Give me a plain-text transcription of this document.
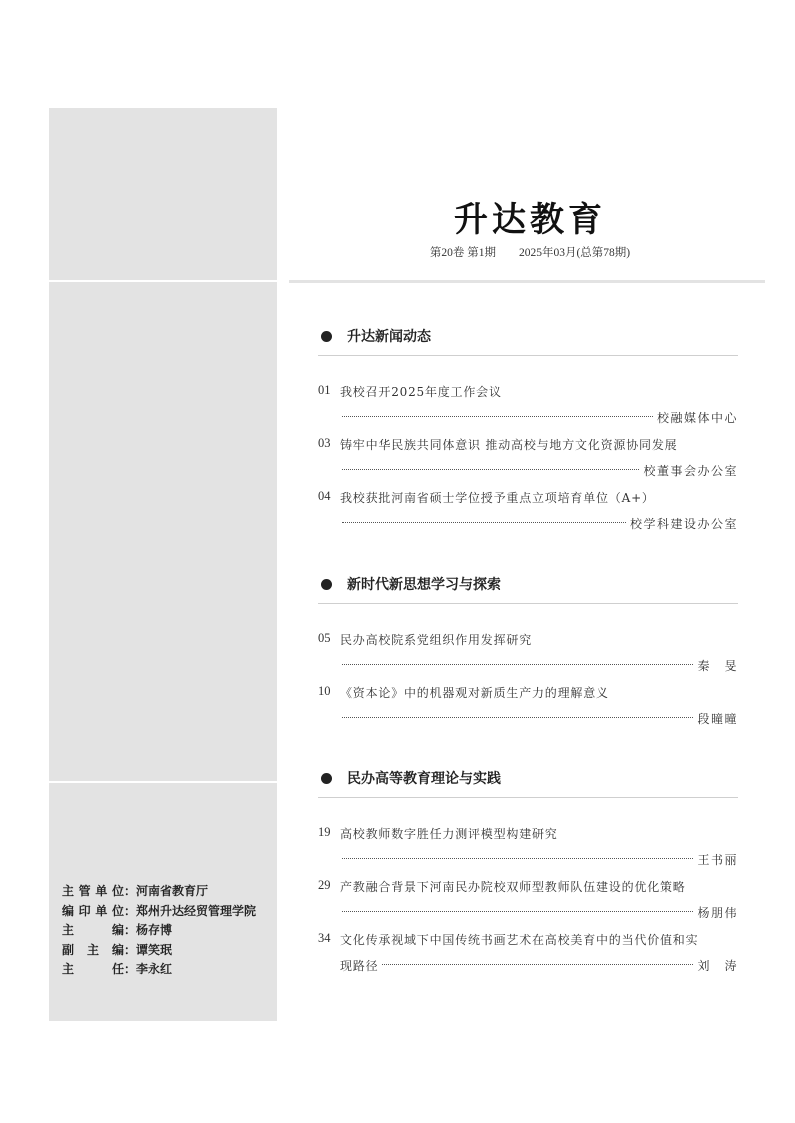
升达教育
第20卷 第1期　　2025年03月(总第78期)
升达新闻动态
01 我校召开2025年度工作会议
校融媒体中心
03 铸牢中华民族共同体意识 推动高校与地方文化资源协同发展
校董事会办公室
04 我校获批河南省硕士学位授予重点立项培育单位（A+）
校学科建设办公室
新时代新思想学习与探索
05 民办高校院系党组织作用发挥研究
秦　旻
10 《资本论》中的机器观对新质生产力的理解意义
段曈曈
民办高等教育理论与实践
19 高校教师数字胜任力测评模型构建研究
王书丽
29 产教融合背景下河南民办院校双师型教师队伍建设的优化策略
杨朋伟
34 文化传承视域下中国传统书画艺术在高校美育中的当代价值和实
现路径	刘　涛
主 管 单 位 ： 河南省教育厅
编 印 单 位 ： 郑州升达经贸管理学院
主	编 ： 杨存博
副 主 编 ： 谭笑珉
主	任 ： 李永红
